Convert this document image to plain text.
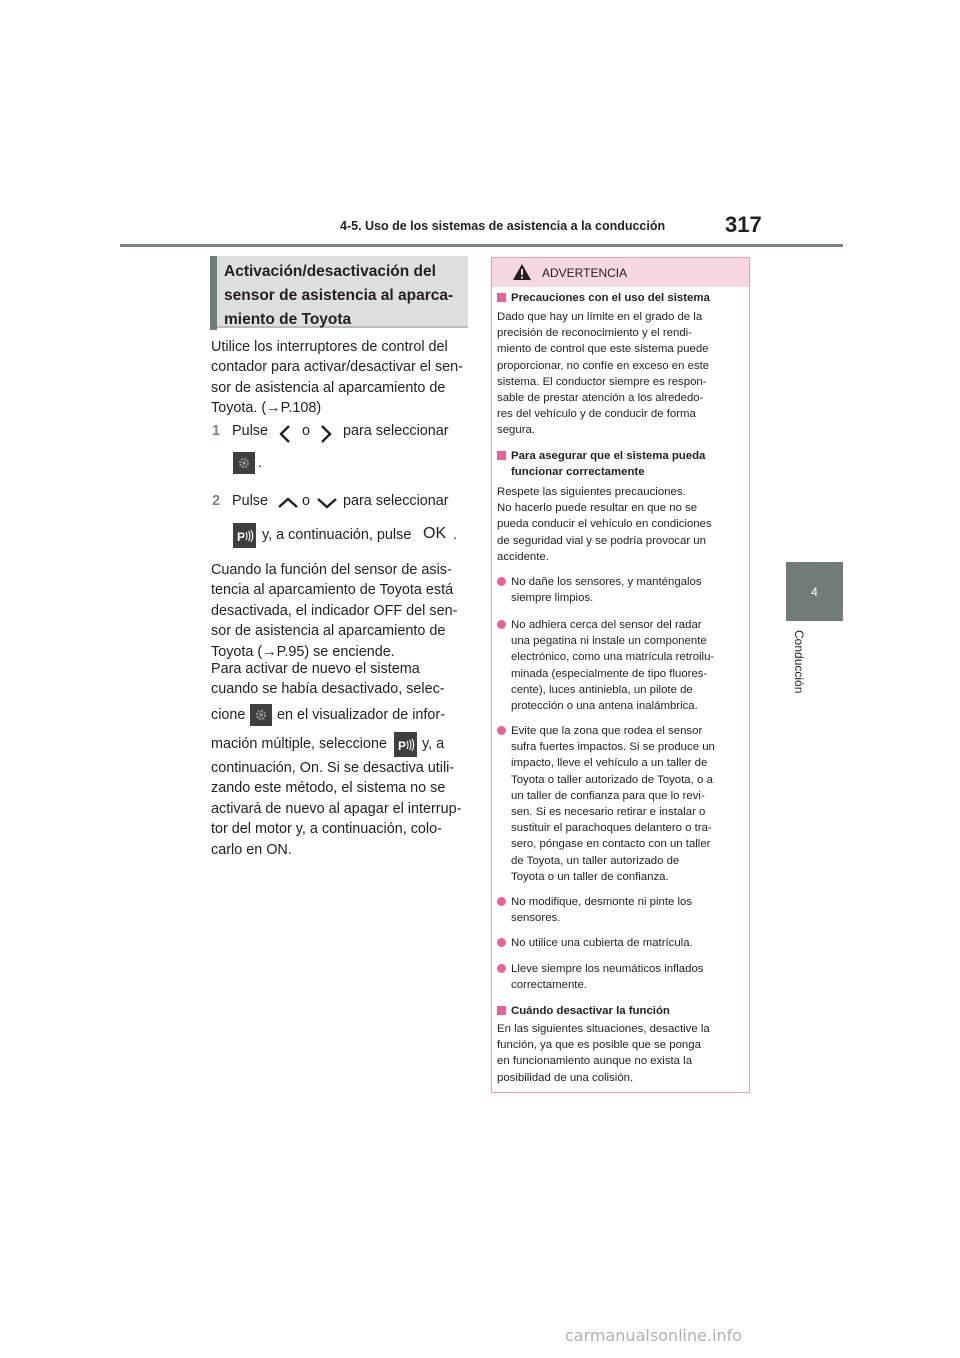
4-5. Uso de los sistemas de asistencia a la conducción	317
4
Conducción
Activación/desactivación del
sensor de asistencia al aparca-
miento de Toyota
Utilice los interruptores de control del
contador para activar/desactivar el sen-
sor de asistencia al aparcamiento de
Toyota. (→P.108)
1 Pulse o para seleccionar
.
2 Pulse o para seleccionar
P y, a continuación, pulse OK .
Cuando la función del sensor de asis-
tencia al aparcamiento de Toyota está
desactivada, el indicador OFF del sen-
sor de asistencia al aparcamiento de
Toyota (→P.95) se enciende.
Para activar de nuevo el sistema
cuando se había desactivado, selec-
cione en el visualizador de infor-
mación múltiple, seleccione P y, a
continuación, On. Si se desactiva utili-
zando este método, el sistema no se
activará de nuevo al apagar el interrup-
tor del motor y, a continuación, colo-
carlo en ON.
ADVERTENCIA
Precauciones con el uso del sistema
Dado que hay un límite en el grado de la
precisión de reconocimiento y el rendi-
miento de control que este sistema puede
proporcionar, no confíe en exceso en este
sistema. El conductor siempre es respon-
sable de prestar atención a los alrededo-
res del vehículo y de conducir de forma
segura.
Para asegurar que el sistema pueda
funcionar correctamente
Respete las siguientes precauciones.
No hacerlo puede resultar en que no se
pueda conducir el vehículo en condiciones
de seguridad vial y se podría provocar un
accidente.
No dañe los sensores, y manténgalos
siempre limpios.
No adhiera cerca del sensor del radar
una pegatina ni instale un componente
electrónico, como una matrícula retroilu-
minada (especialmente de tipo fluores-
cente), luces antiniebla, un pilote de
protección o una antena inalámbrica.
Evite que la zona que rodea el sensor
sufra fuertes impactos. Si se produce un
impacto, lleve el vehículo a un taller de
Toyota o taller autorizado de Toyota, o a
un taller de confianza para que lo revi-
sen. Si es necesario retirar e instalar o
sustituir el parachoques delantero o tra-
sero, póngase en contacto con un taller
de Toyota, un taller autorizado de
Toyota o un taller de confianza.
No modifique, desmonte ni pinte los
sensores.
No utilice una cubierta de matrícula.
Lleve siempre los neumáticos inflados
correctamente.
Cuándo desactivar la función
En las siguientes situaciones, desactive la
función, ya que es posible que se ponga
en funcionamiento aunque no exista la
posibilidad de una colisión.
carmanualsonline.info
